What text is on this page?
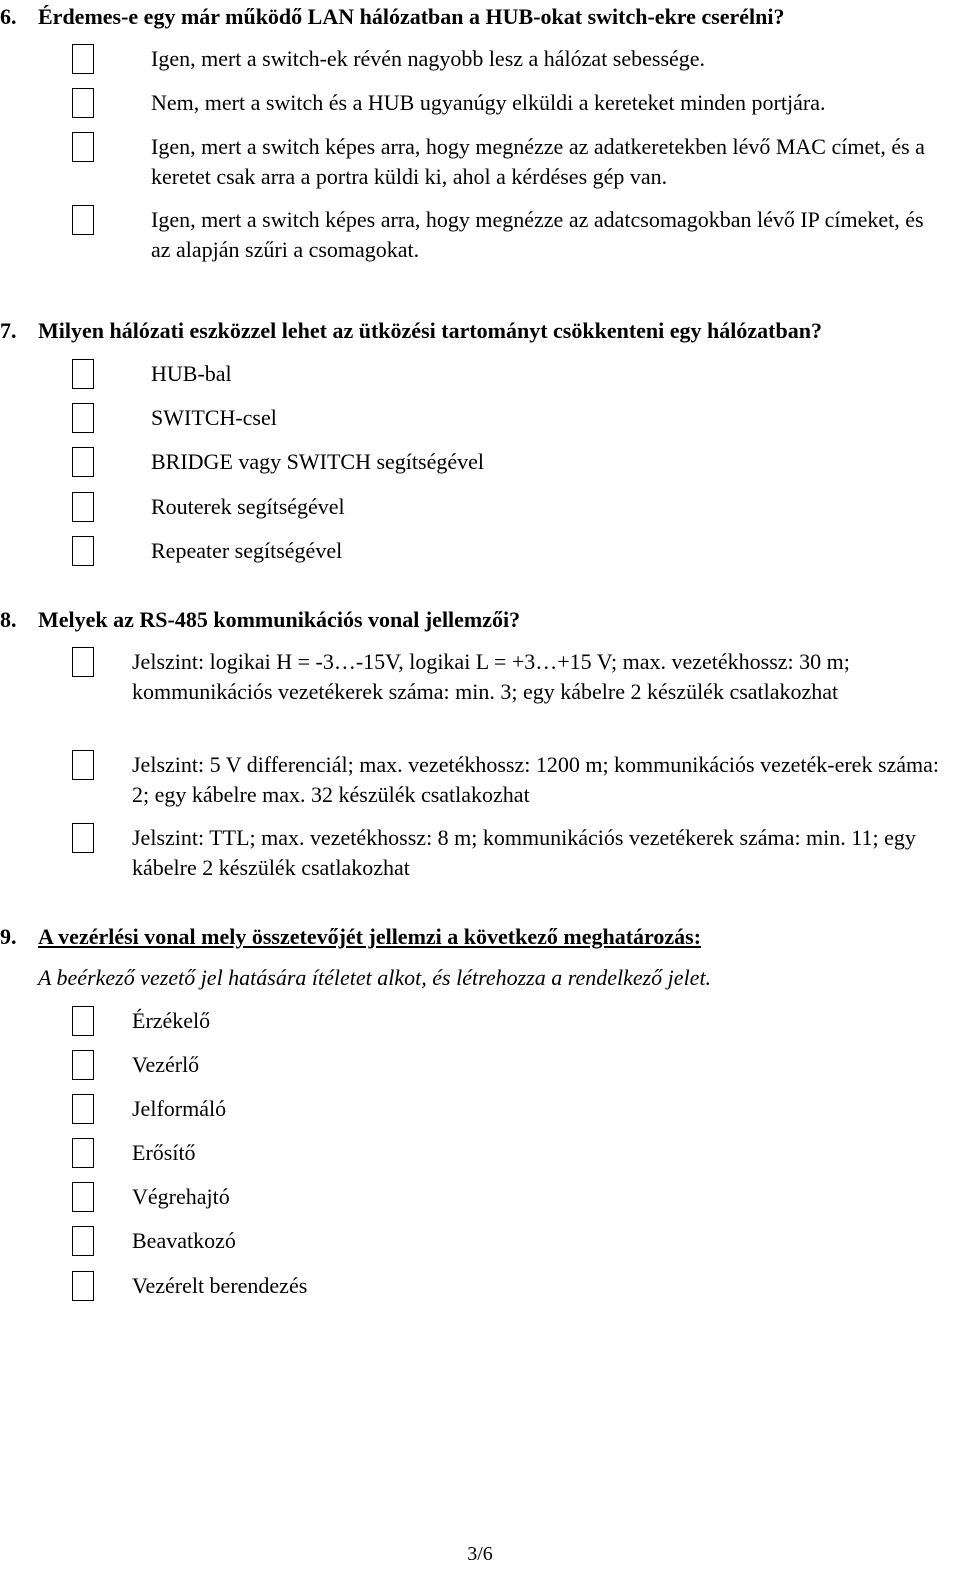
6. Érdemes-e egy már működő LAN hálózatban a HUB-okat switch-ekre cserélni?
Igen, mert a switch-ek révén nagyobb lesz a hálózat sebessége.
Nem, mert a switch és a HUB ugyanúgy elküldi a kereteket minden portjára.
Igen, mert a switch képes arra, hogy megnézze az adatkeretekben lévő MAC címet, és a keretet csak arra a portra küldi ki, ahol a kérdéses gép van.
Igen, mert a switch képes arra, hogy megnézze az adatcsomagokban lévő IP címeket, és az alapján szűri a csomagokat.
7. Milyen hálózati eszközzel lehet az ütközési tartományt csökkenteni egy hálózatban?
HUB-bal
SWITCH-csel
BRIDGE vagy SWITCH segítségével
Routerek segítségével
Repeater segítségével
8. Melyek az RS-485 kommunikációs vonal jellemzői?
Jelszint: logikai H = -3…-15V, logikai L = +3…+15 V; max. vezetékhossz: 30 m; kommunikációs vezetékerek száma: min. 3; egy kábelre 2 készülék csatlakozhat
Jelszint: 5 V differenciál; max. vezetékhossz: 1200 m; kommunikációs vezeték-erek száma: 2; egy kábelre max. 32 készülék csatlakozhat
Jelszint: TTL; max. vezetékhossz: 8 m; kommunikációs vezetékerek száma: min. 11; egy kábelre 2 készülék csatlakozhat
9. A vezérlési vonal mely összetevőjét jellemzi a következő meghatározás:
A beérkező vezető jel hatására ítéletet alkot, és létrehozza a rendelkező jelet.
Érzékelő
Vezérlő
Jelformáló
Erősítő
Végrehajtó
Beavatkozó
Vezérelt berendezés
3/6
